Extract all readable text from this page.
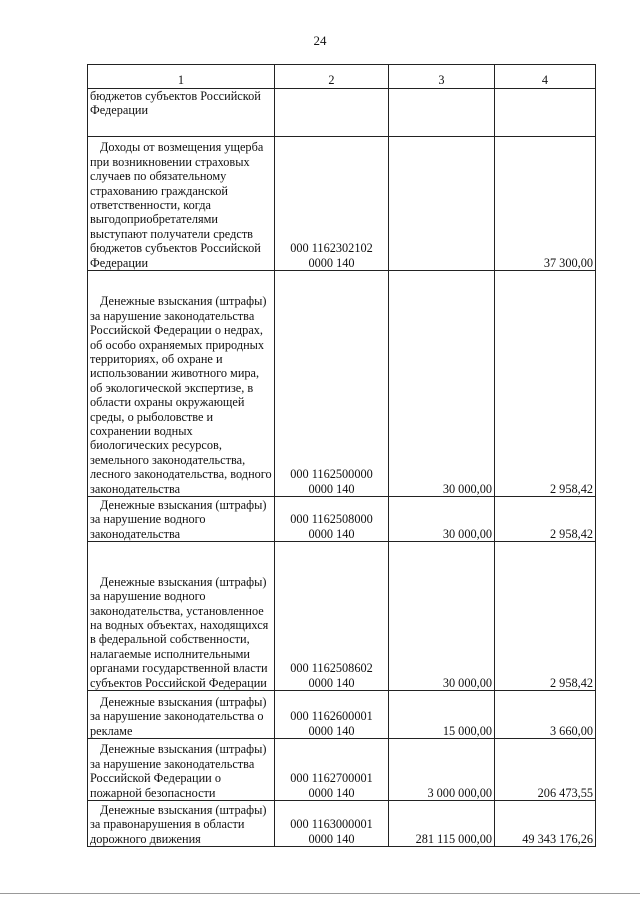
24
1	2	3	4
бюджетов субъектов Российской Федерации	

Доходы от возмещения ущерба при возникновении страховых случаев по обязательному страхованию гражданской ответственности, когда выгодоприобретателями выступают получатели средств бюджетов субъектов Российской Федерации	000 1162302102
0000 140		37 300,00
Денежные взыскания (штрафы) за нарушение законодательства Российской Федерации о недрах, об особо охраняемых природных территориях, об охране и использовании животного мира, об экологической экспертизе, в области охраны окружающей среды, о рыболовстве и сохранении водных биологических ресурсов, земельного законодательства, лесного законодательства, водного законодательства	000 1162500000
0000 140	30 000,00	2 958,42
Денежные взыскания (штрафы) за нарушение водного законодательства	000 1162508000
0000 140	30 000,00	2 958,42
Денежные взыскания (штрафы) за нарушение водного законодательства, установленное на водных объектах, находящихся в федеральной собственности, налагаемые исполнительными органами государственной власти субъектов Российской Федерации	000 1162508602
0000 140	30 000,00	2 958,42
Денежные взыскания (штрафы) за нарушение законодательства о рекламе	000 1162600001
0000 140	15 000,00	3 660,00
Денежные взыскания (штрафы) за нарушение законодательства Российской Федерации о пожарной безопасности	000 1162700001
0000 140	3 000 000,00	206 473,55
Денежные взыскания (штрафы) за правонарушения в области дорожного движения	000 1163000001
0000 140	281 115 000,00	49 343 176,26
